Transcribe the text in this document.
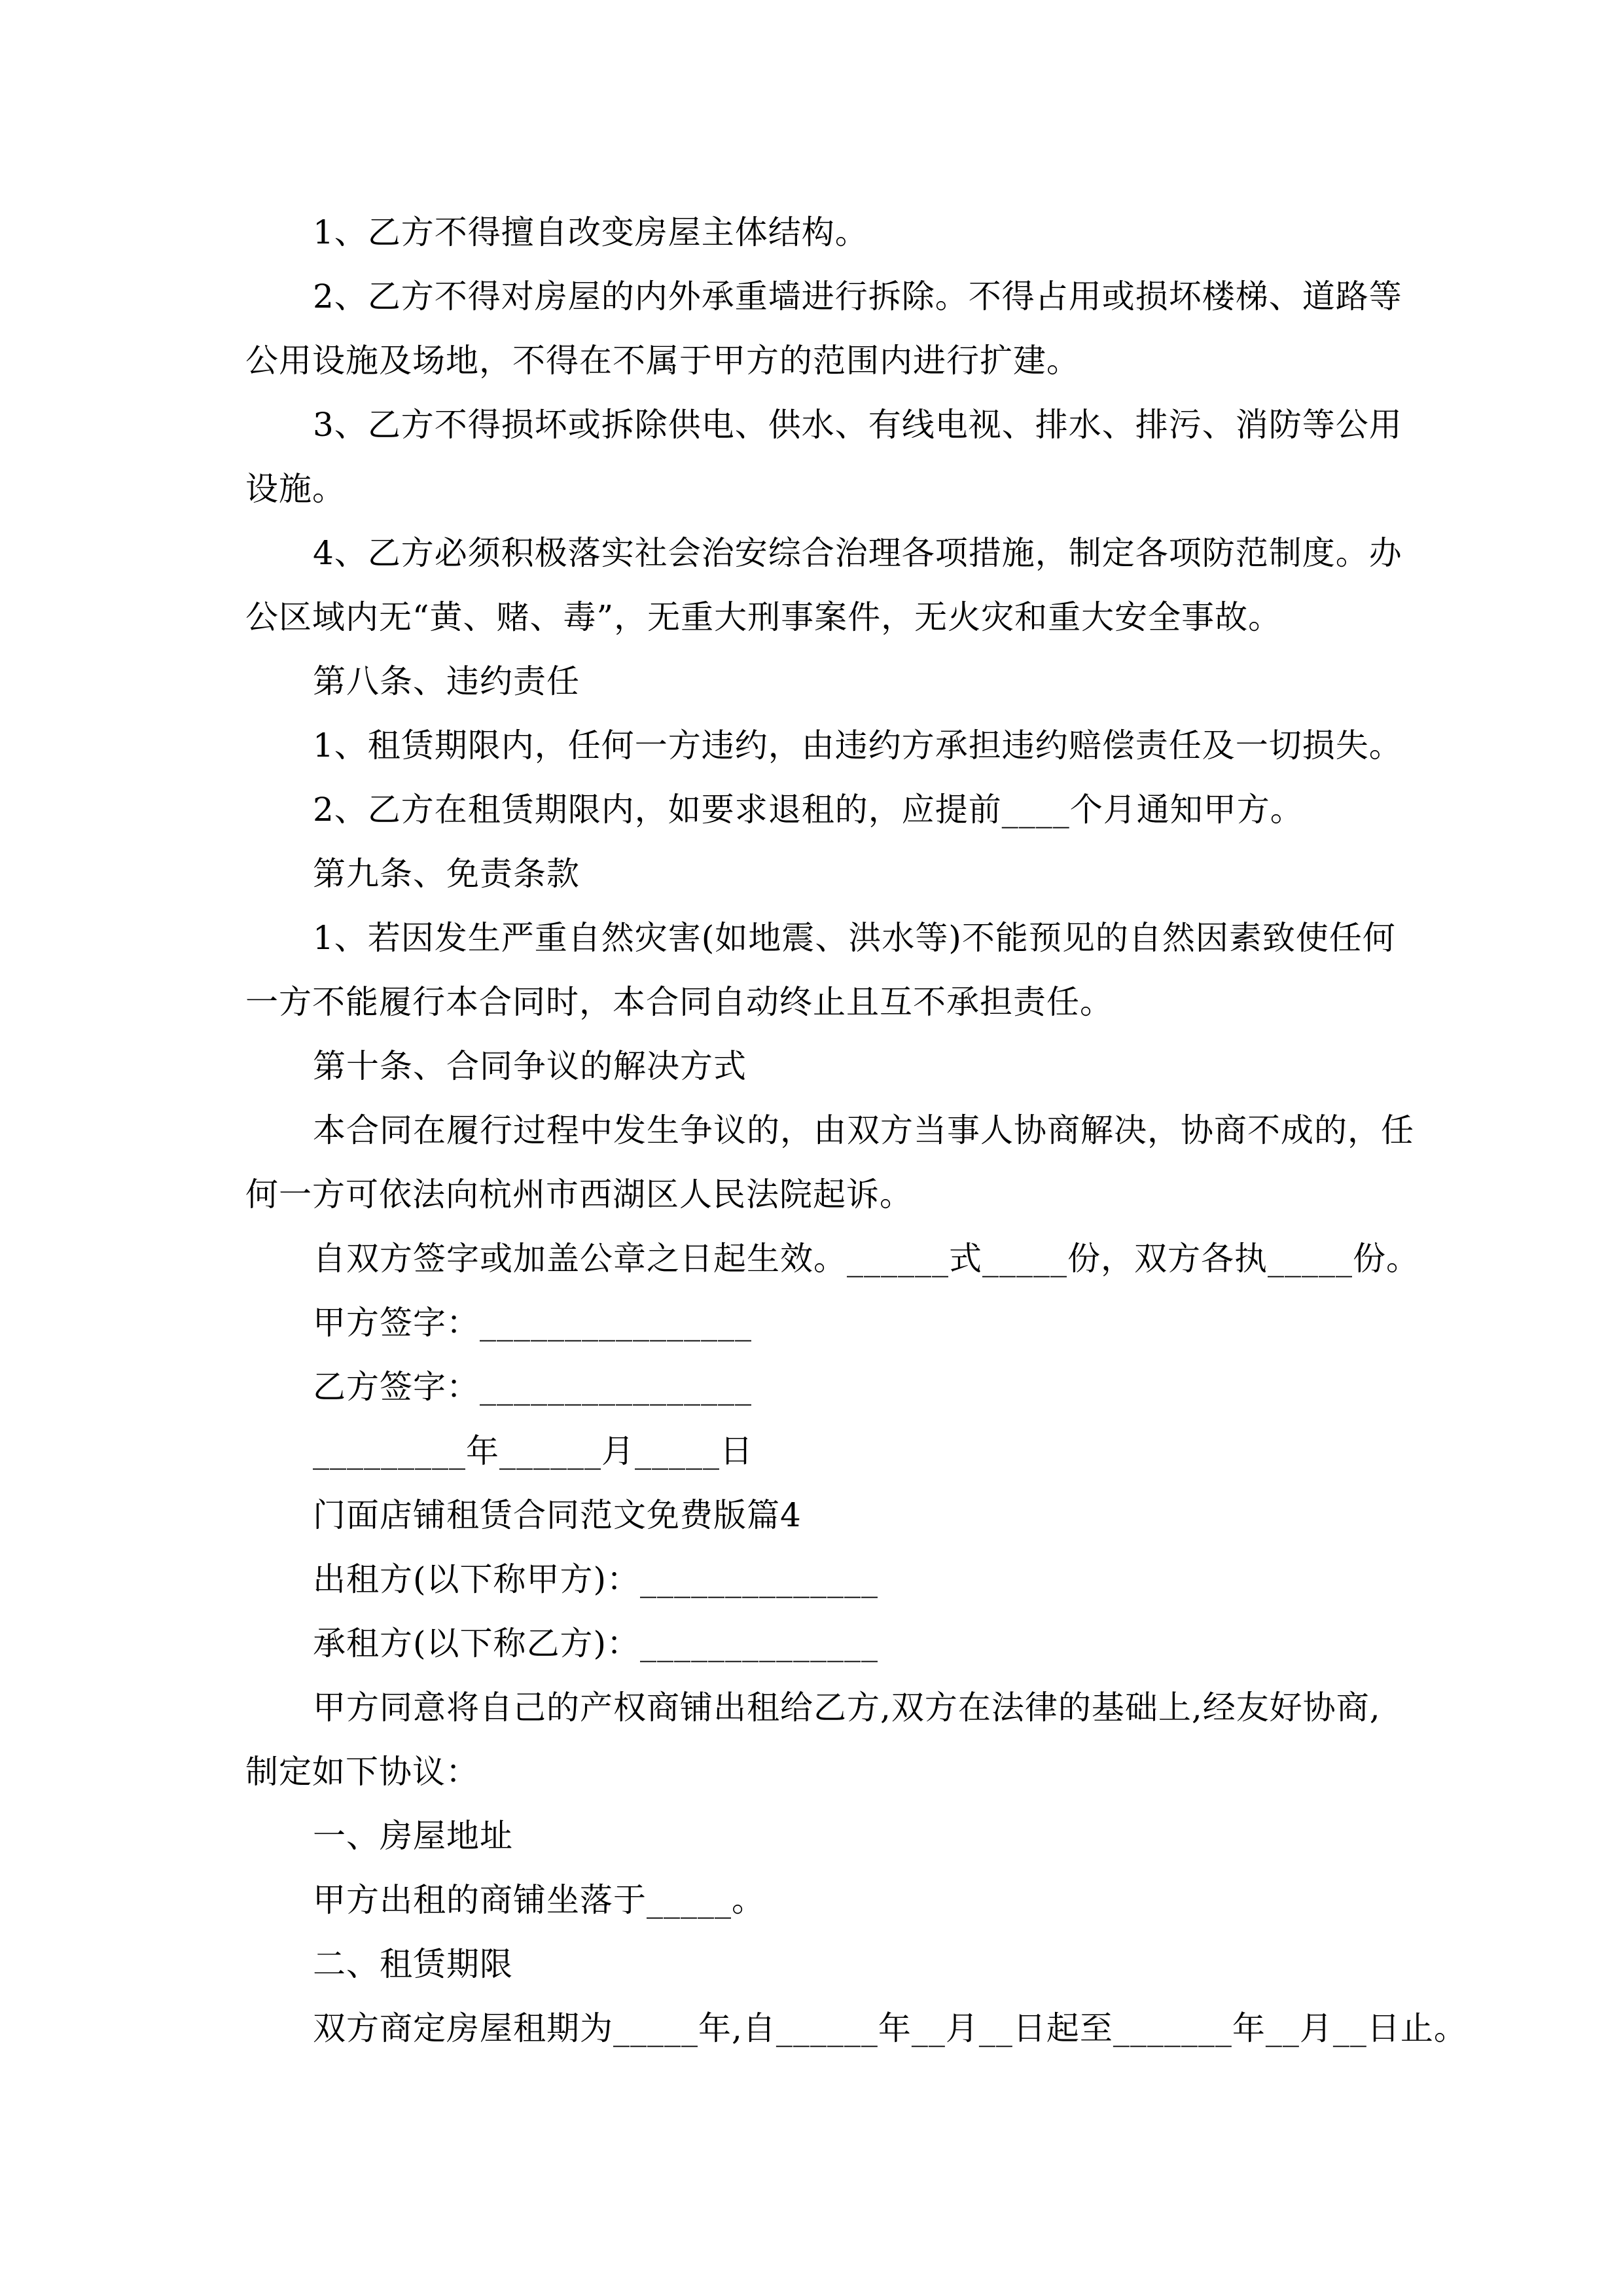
1、乙方不得擅自改变房屋主体结构。
2、乙方不得对房屋的内外承重墙进行拆除。不得占用或损坏楼梯、道路等
公用设施及场地，不得在不属于甲方的范围内进行扩建。
3、乙方不得损坏或拆除供电、供水、有线电视、排水、排污、消防等公用
设施。
4、乙方必须积极落实社会治安综合治理各项措施，制定各项防范制度。办
公区域内无“黄、赌、毒”，无重大刑事案件，无火灾和重大安全事故。
第八条、违约责任
1、租赁期限内，任何一方违约，由违约方承担违约赔偿责任及一切损失。
2、乙方在租赁期限内，如要求退租的，应提前____个月通知甲方。
第九条、免责条款
1、若因发生严重自然灾害(如地震、洪水等)不能预见的自然因素致使任何
一方不能履行本合同时，本合同自动终止且互不承担责任。
第十条、合同争议的解决方式
本合同在履行过程中发生争议的，由双方当事人协商解决，协商不成的，任
何一方可依法向杭州市西湖区人民法院起诉。
自双方签字或加盖公章之日起生效。______式_____份，双方各执_____份。
甲方签字：________________
乙方签字：________________
_________年______月_____日
门面店铺租赁合同范文免费版篇4
出租方(以下称甲方)：______________
承租方(以下称乙方)：______________
甲方同意将自己的产权商铺出租给乙方,双方在法律的基础上,经友好协商,
制定如下协议：
一、房屋地址
甲方出租的商铺坐落于_____。
二、租赁期限
双方商定房屋租期为_____年,自______年__月__日起至_______年__月__日止。
